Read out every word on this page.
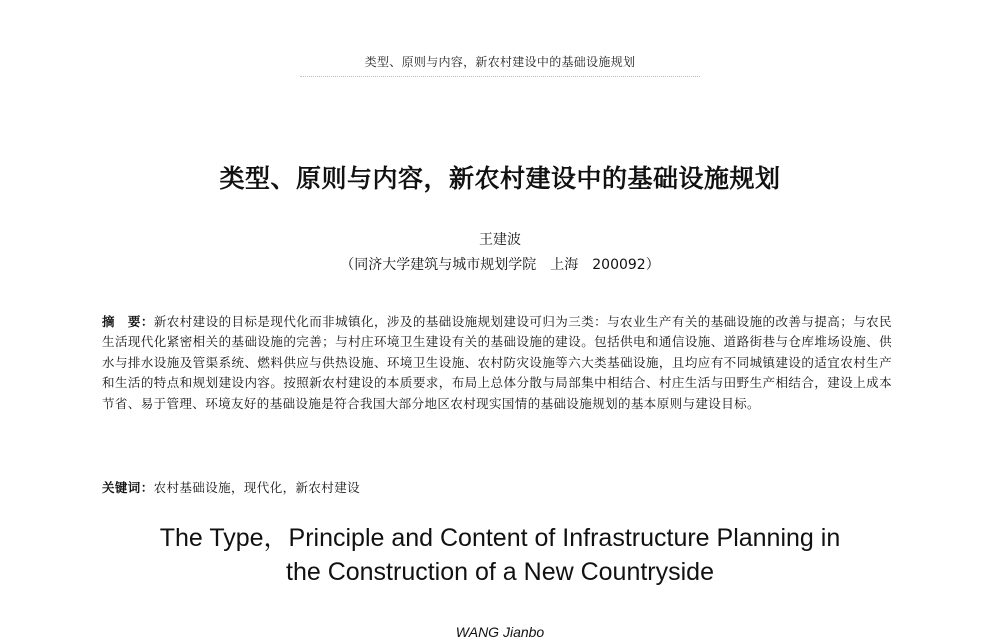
类型、原则与内容，新农村建设中的基础设施规划
类型、原则与内容，新农村建设中的基础设施规划
王建波
（同济大学建筑与城市规划学院　上海　200092）
摘　要：新农村建设的目标是现代化而非城镇化，涉及的基础设施规划建设可归为三类：与农业生产有关的基础设施的改善与提高；与农民生活现代化紧密相关的基础设施的完善；与村庄环境卫生建设有关的基础设施的建设。包括供电和通信设施、道路街巷与仓库堆场设施、供水与排水设施及管渠系统、燃料供应与供热设施、环境卫生设施、农村防灾设施等六大类基础设施，且均应有不同城镇建设的适宜农村生产和生活的特点和规划建设内容。按照新农村建设的本质要求，布局上总体分散与局部集中相结合、村庄生活与田野生产相结合，建设上成本节省、易于管理、环境友好的基础设施是符合我国大部分地区农村现实国情的基础设施规划的基本原则与建设目标。
关键词：农村基础设施，现代化，新农村建设
The Type，Principle and Content of Infrastructure Planning in
the Construction of a New Countryside
WANG Jianbo
